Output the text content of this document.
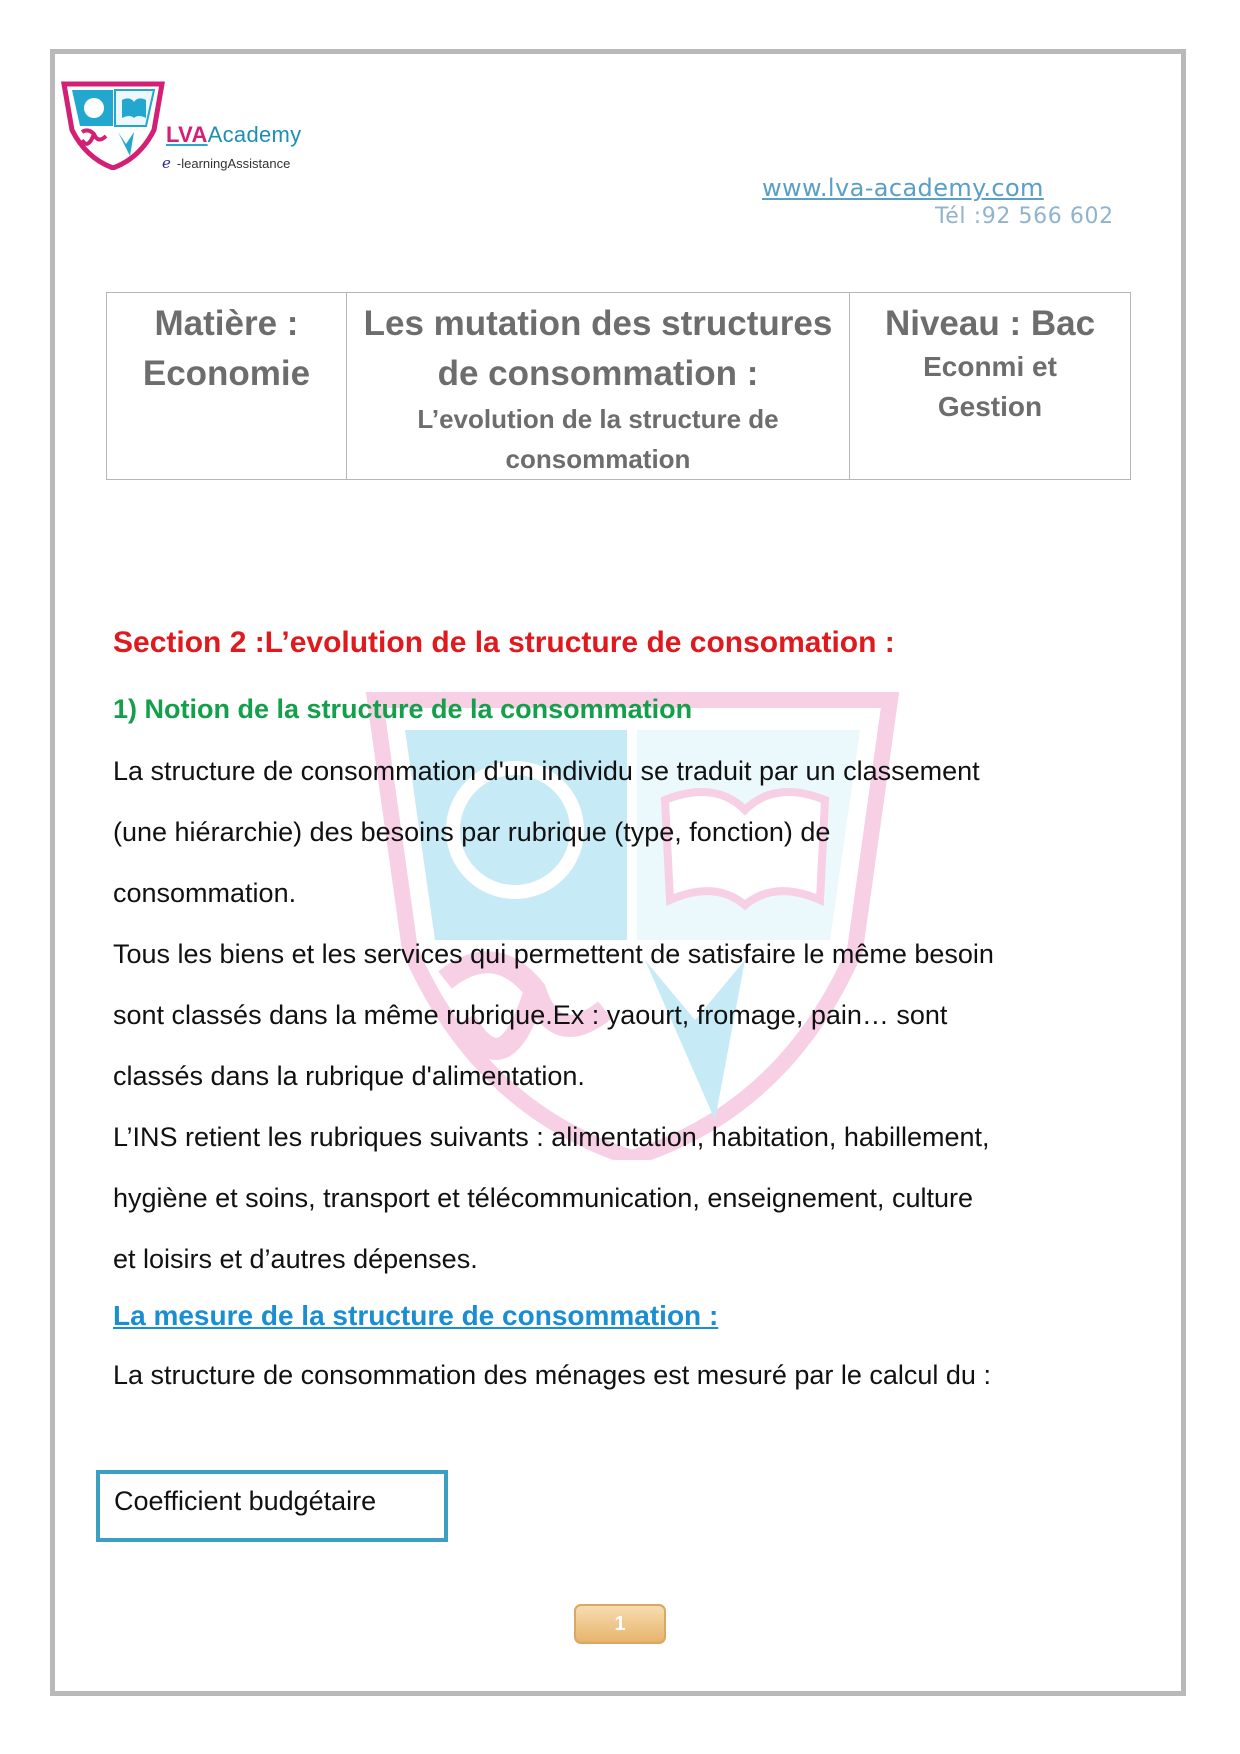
LVAAcademy
e -learningAssistance
www.lva-academy.com
Tél :92 566 602
Matière :
Economie

Les mutation des structures
de consommation :
L’evolution de la structure de
consommation

Niveau : Bac
Econmi et
Gestion
Section 2 :L’evolution de la structure de consomation :
1) Notion de la structure de la consommation
La structure de consommation d'un individu se traduit par un classement
(une hiérarchie) des besoins par rubrique (type, fonction) de
consommation.
Tous les biens et les services qui permettent de satisfaire le même besoin
sont classés dans la même rubrique.Ex : yaourt, fromage, pain… sont
classés dans la rubrique d'alimentation.
L’INS retient les rubriques suivants : alimentation, habitation, habillement,
hygiène et soins, transport et télécommunication, enseignement, culture
et loisirs et d’autres dépenses.
La mesure de la structure de consommation :
La structure de consommation des ménages est mesuré par le calcul du :
Coefficient budgétaire
1
